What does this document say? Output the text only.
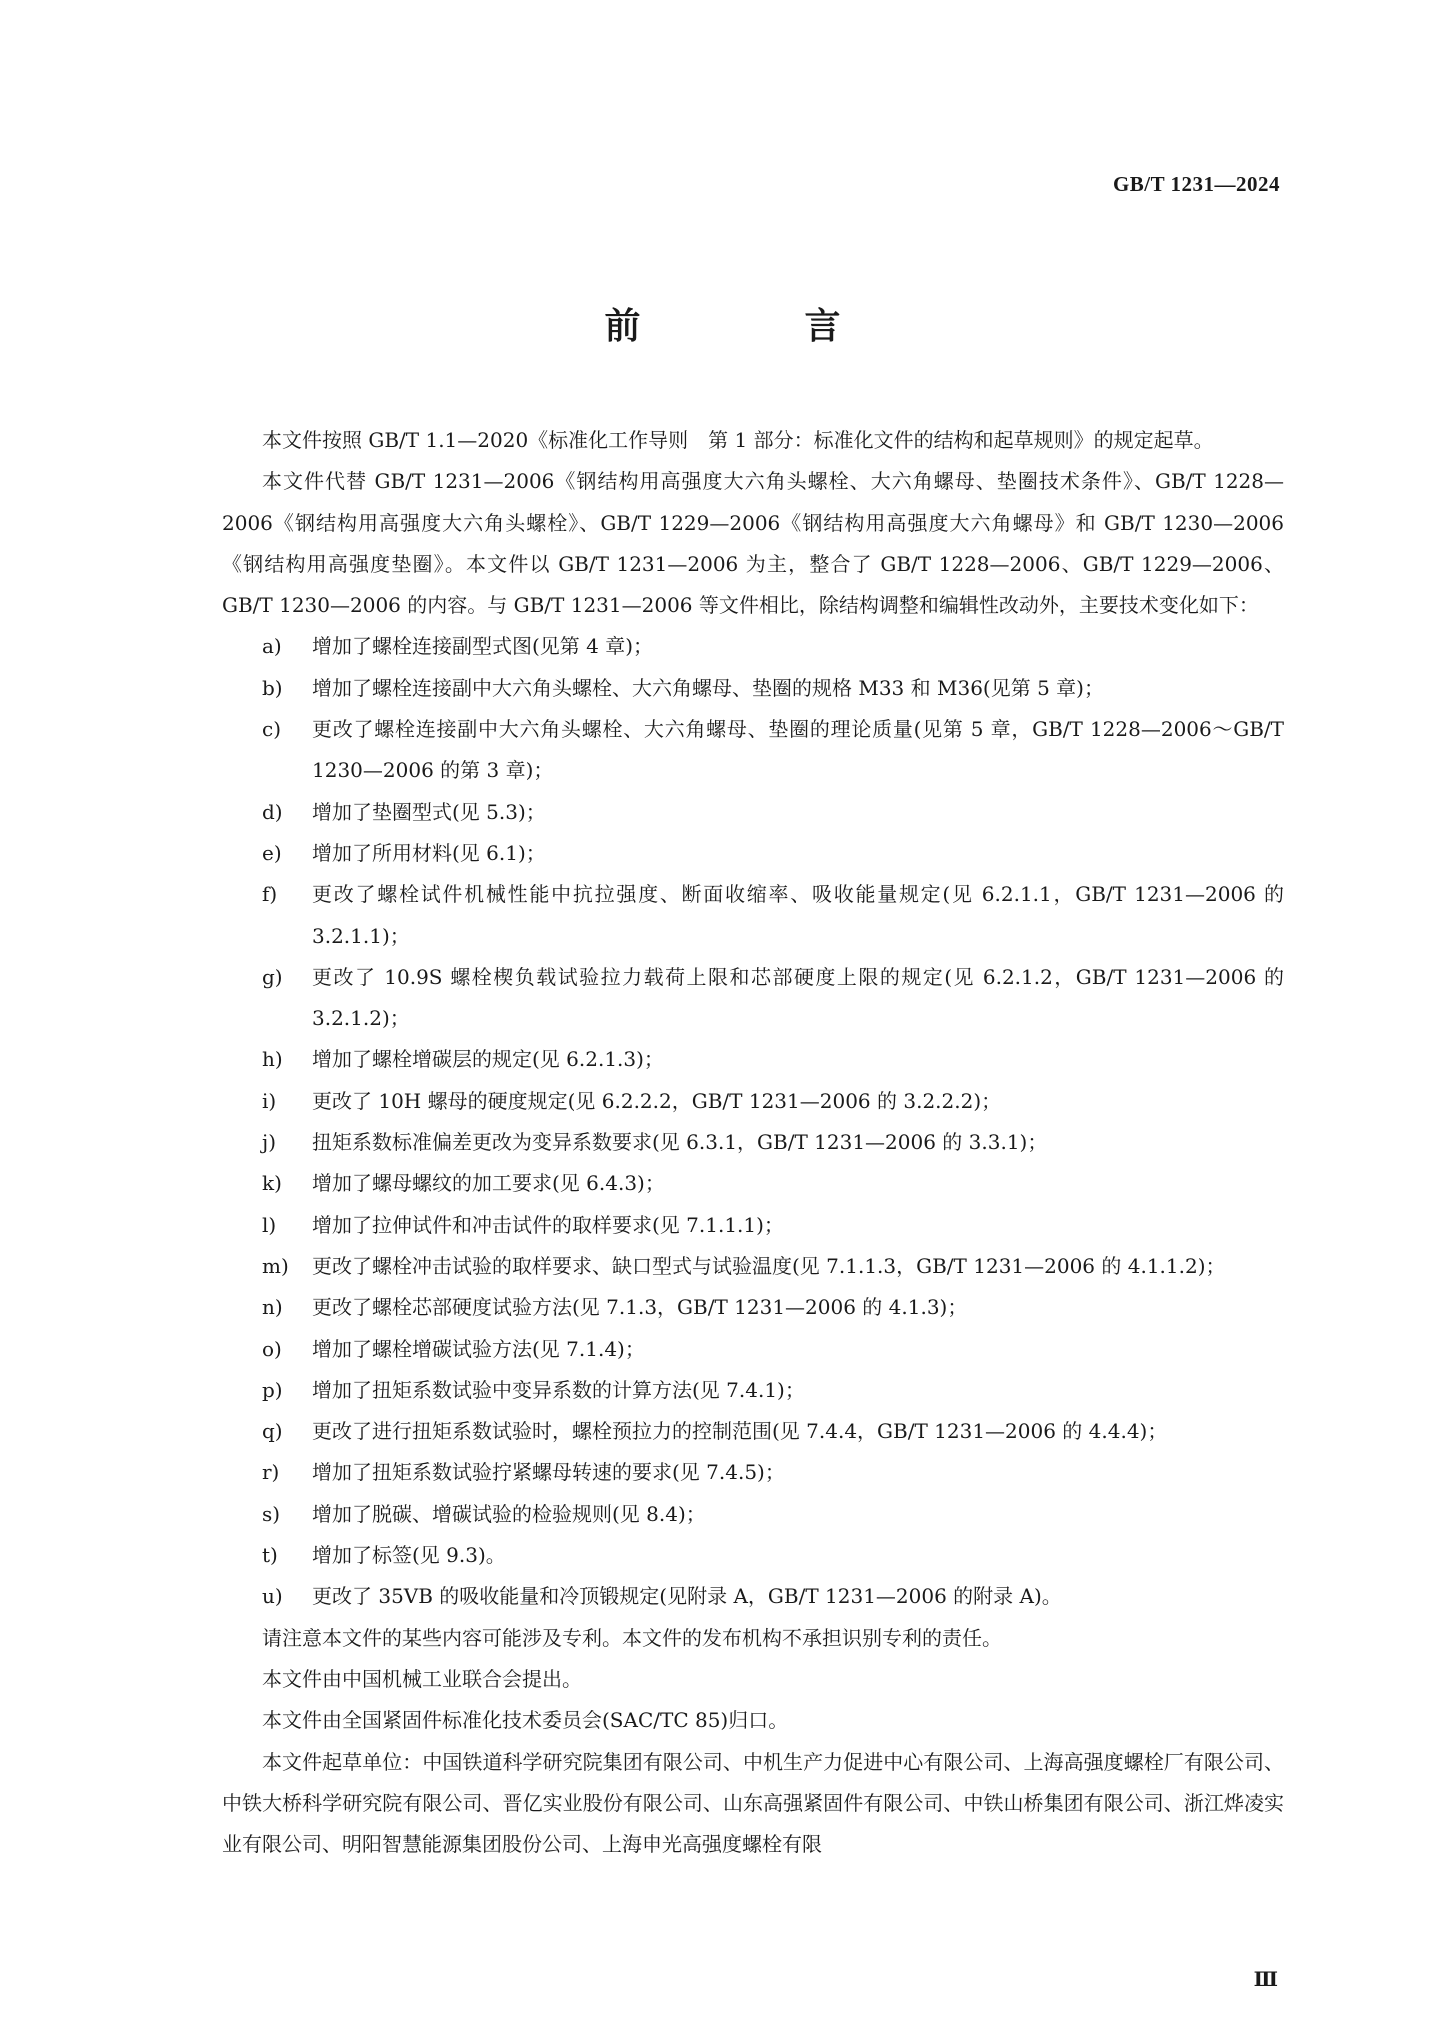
GB/T 1231—2024
前　言

本文件按照 GB/T 1.1—2020《标准化工作导则　第 1 部分：标准化文件的结构和起草规则》的规定起草。

本文件代替 GB/T 1231—2006《钢结构用高强度大六角头螺栓、大六角螺母、垫圈技术条件》、GB/T 1228—2006《钢结构用高强度大六角头螺栓》、GB/T 1229—2006《钢结构用高强度大六角螺母》和 GB/T 1230—2006《钢结构用高强度垫圈》。本文件以 GB/T 1231—2006 为主，整合了 GB/T 1228—2006、GB/T 1229—2006、GB/T 1230—2006 的内容。与 GB/T 1231—2006 等文件相比，除结构调整和编辑性改动外，主要技术变化如下：

a)	增加了螺栓连接副型式图(见第 4 章)；
b)	增加了螺栓连接副中大六角头螺栓、大六角螺母、垫圈的规格 M33 和 M36(见第 5 章)；
c)	更改了螺栓连接副中大六角头螺栓、大六角螺母、垫圈的理论质量(见第 5 章，GB/T 1228—2006～GB/T 1230—2006 的第 3 章)；
d)	增加了垫圈型式(见 5.3)；
e)	增加了所用材料(见 6.1)；
f)	更改了螺栓试件机械性能中抗拉强度、断面收缩率、吸收能量规定(见 6.2.1.1，GB/T 1231—2006 的 3.2.1.1)；
g)	更改了 10.9S 螺栓楔负载试验拉力载荷上限和芯部硬度上限的规定(见 6.2.1.2，GB/T 1231—2006 的 3.2.1.2)；
h)	增加了螺栓增碳层的规定(见 6.2.1.3)；
i)	更改了 10H 螺母的硬度规定(见 6.2.2.2，GB/T 1231—2006 的 3.2.2.2)；
j)	扭矩系数标准偏差更改为变异系数要求(见 6.3.1，GB/T 1231—2006 的 3.3.1)；
k)	增加了螺母螺纹的加工要求(见 6.4.3)；
l)	增加了拉伸试件和冲击试件的取样要求(见 7.1.1.1)；
m)	更改了螺栓冲击试验的取样要求、缺口型式与试验温度(见 7.1.1.3，GB/T 1231—2006 的 4.1.1.2)；
n)	更改了螺栓芯部硬度试验方法(见 7.1.3，GB/T 1231—2006 的 4.1.3)；
o)	增加了螺栓增碳试验方法(见 7.1.4)；
p)	增加了扭矩系数试验中变异系数的计算方法(见 7.4.1)；
q)	更改了进行扭矩系数试验时，螺栓预拉力的控制范围(见 7.4.4，GB/T 1231—2006 的 4.4.4)；
r)	增加了扭矩系数试验拧紧螺母转速的要求(见 7.4.5)；
s)	增加了脱碳、增碳试验的检验规则(见 8.4)；
t)	增加了标签(见 9.3)。
u)	更改了 35VB 的吸收能量和冷顶锻规定(见附录 A，GB/T 1231—2006 的附录 A)。

请注意本文件的某些内容可能涉及专利。本文件的发布机构不承担识别专利的责任。

本文件由中国机械工业联合会提出。

本文件由全国紧固件标准化技术委员会(SAC/TC 85)归口。

本文件起草单位：中国铁道科学研究院集团有限公司、中机生产力促进中心有限公司、上海高强度螺栓厂有限公司、中铁大桥科学研究院有限公司、晋亿实业股份有限公司、山东高强紧固件有限公司、中铁山桥集团有限公司、浙江烨凌实业有限公司、明阳智慧能源集团股份公司、上海申光高强度螺栓有限

Ⅲ
